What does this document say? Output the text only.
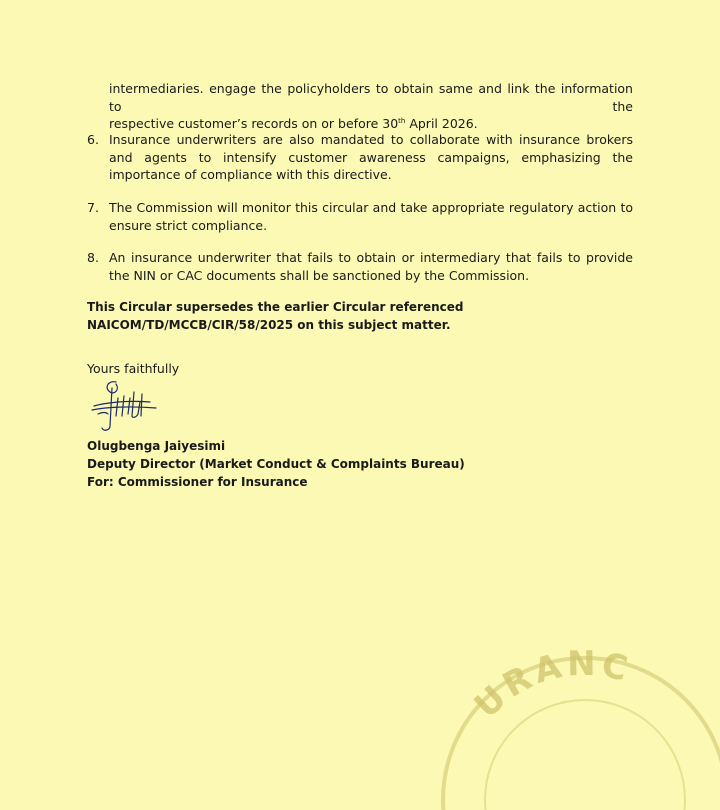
intermediaries. engage the policyholders to obtain same and link the information to the
respective customer’s records on or before 30th April 2026.
6. Insurance underwriters are also mandated to collaborate with insurance brokers and agents to intensify customer awareness campaigns, emphasizing the importance of compliance with this directive.
7. The Commission will monitor this circular and take appropriate regulatory action to ensure strict compliance.
8. An insurance underwriter that fails to obtain or intermediary that fails to provide the NIN or CAC documents shall be sanctioned by the Commission.
This Circular supersedes the earlier Circular referenced NAICOM/TD/MCCB/CIR/58/2025 on this subject matter.
Yours faithfully
Olugbenga Jaiyesimi
Deputy Director (Market Conduct & Complaints Bureau)
For: Commissioner for Insurance
URANC
